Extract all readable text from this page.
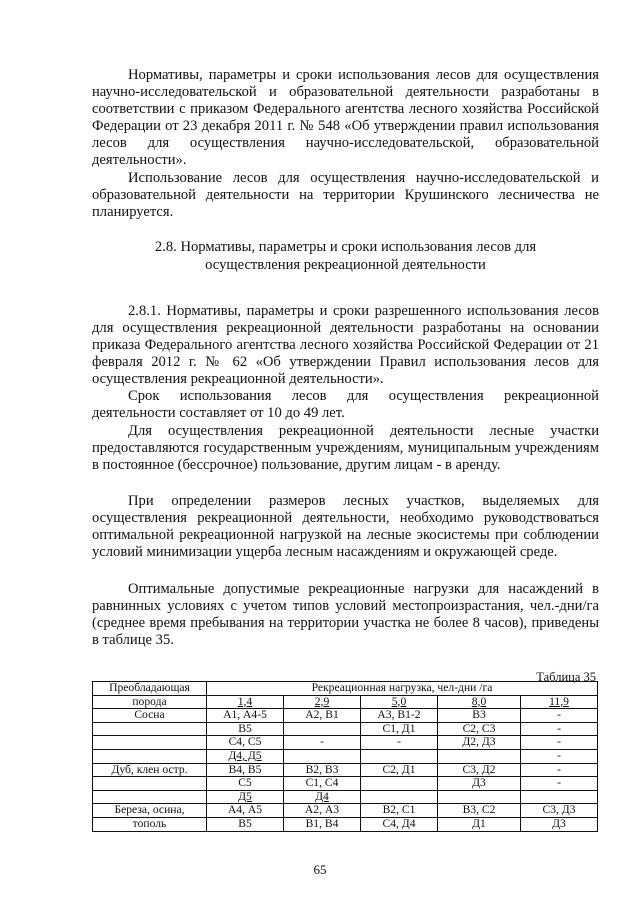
Нормативы, параметры и сроки использования лесов для осуществления научно-исследовательской и образовательной деятельности разработаны в соответствии с приказом Федерального агентства лесного хозяйства Российской Федерации от 23 декабря 2011 г. № 548 «Об утверждении правил использования лесов для осуществления научно-исследовательской, образовательной деятельности».

Использование лесов для осуществления научно-исследовательской и образовательной деятельности на территории Крушинского лесничества не планируется.

2.8. Нормативы, параметры и сроки использования лесов для

осуществления рекреационной деятельности

2.8.1. Нормативы, параметры и сроки разрешенного использования лесов для осуществления рекреационной деятельности разработаны на основании приказа Федерального агентства лесного хозяйства Российской Федерации от 21 февраля 2012 г. № 62 «Об утверждении Правил использования лесов для осуществления рекреационной деятельности».

Срок использования лесов для осуществления рекреационной деятельности составляет от 10 до 49 лет.

Для осуществления рекреационной деятельности лесные участки предоставляются государственным учреждениям, муниципальным учреждениям в постоянное (бессрочное) пользование, другим лицам - в аренду.

При определении размеров лесных участков, выделяемых для осуществления рекреационной деятельности, необходимо руководствоваться оптимальной рекреационной нагрузкой на лесные экосистемы при соблюдении условий минимизации ущерба лесным насаждениям и окружающей среде.

Оптимальные допустимые рекреационные нагрузки для насаждений в равнинных условиях с учетом типов условий местопроизрастания, чел.-дни/га (среднее время пребывания на территории участка не более 8 часов), приведены в таблице 35.

Таблица 35
Преобладающая	Рекреационная нагрузка, чел-дни /га				
порода	1,4	2,9	5,0	8,0	11,9
Сосна	А1, А4-5	А2, В1	А3, В1-2	В3	-
	В5		С1, Д1	С2, С3	-
	С4, С5	-	-	Д2, Д3	-
	Д4, Д5				-
Дуб, клен остр.	В4, В5	В2, В3	С2, Д1	С3, Д2	-
	С5	С1, С4		Д3	-
	Д5	Д4			
Береза, осина,	А4, А5	А2, А3	В2, С1	В3, С2	С3, Д3
тополь	В5	В1, В4	С4, Д4	Д1	Д3
65
